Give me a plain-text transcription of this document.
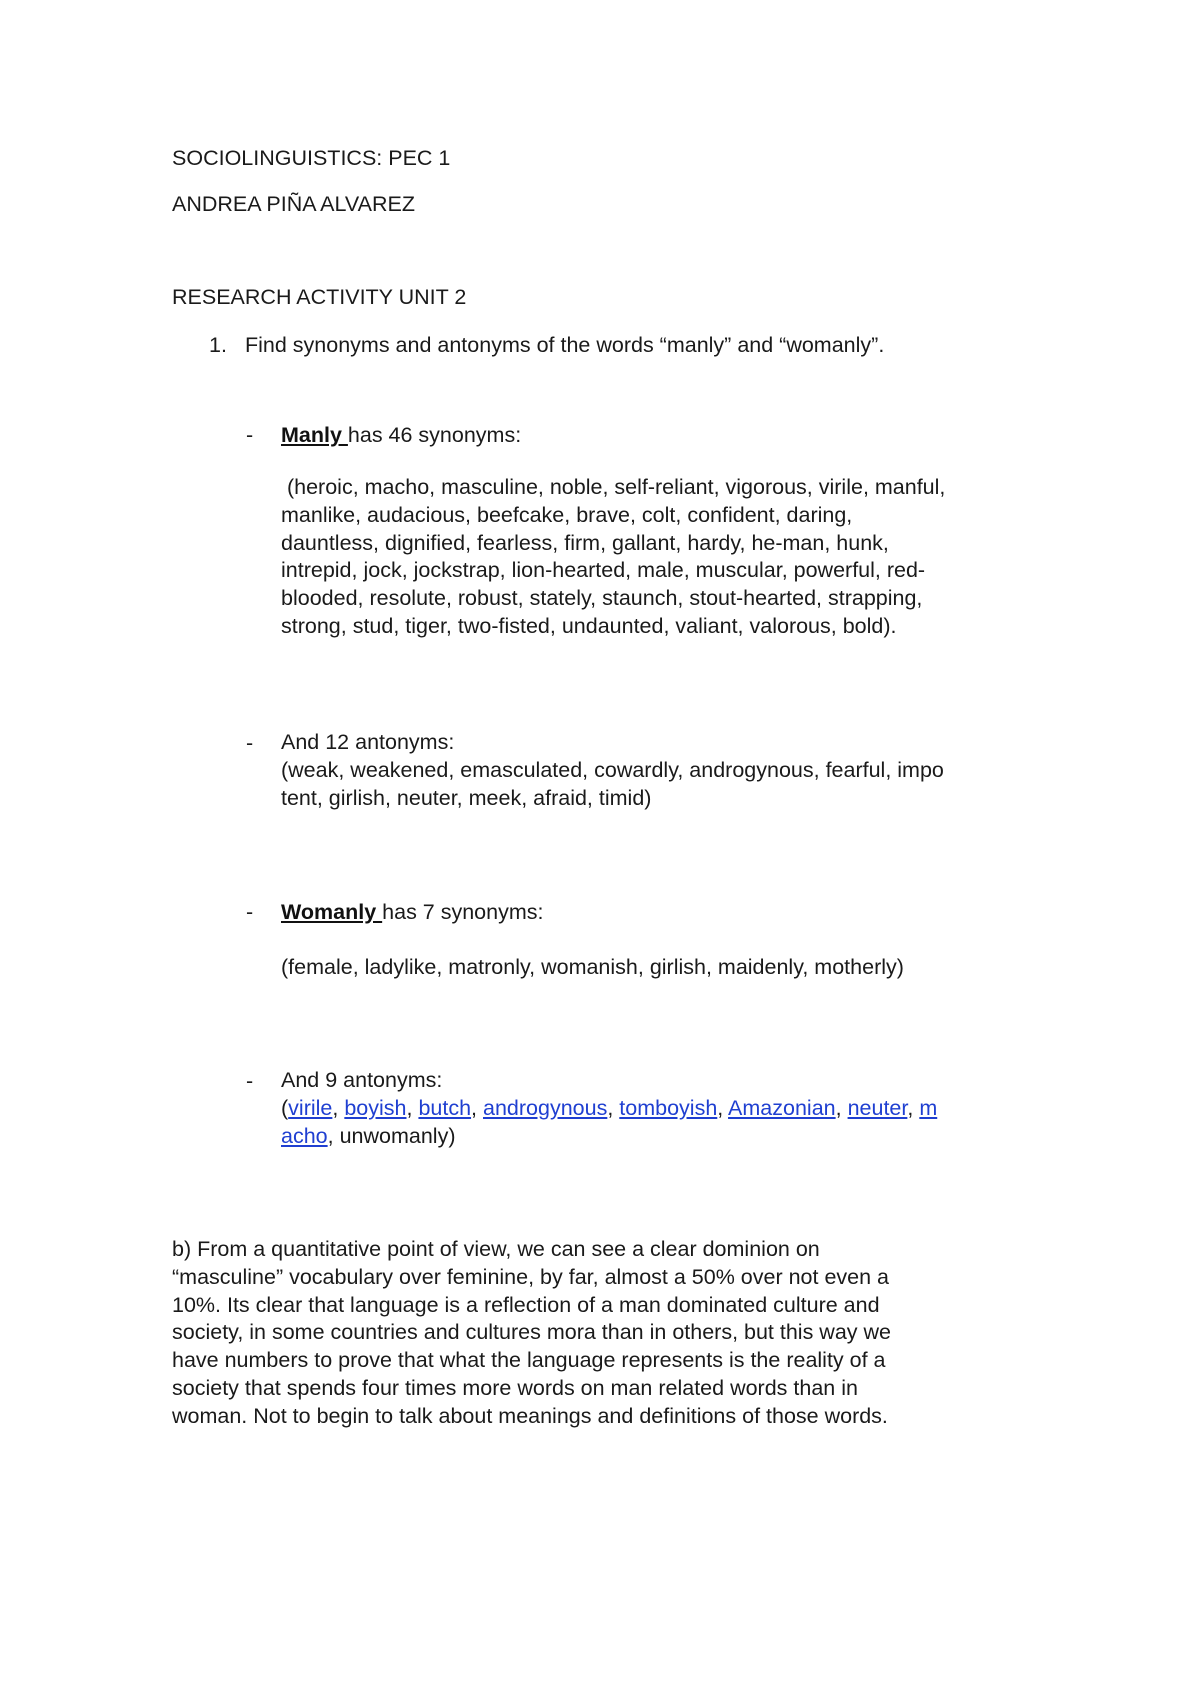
SOCIOLINGUISTICS: PEC 1
ANDREA PIÑA ALVAREZ
RESEARCH ACTIVITY UNIT 2
1. Find synonyms and antonyms of the words “manly” and “womanly”.
- Manly has 46 synonyms:
(heroic, macho, masculine, noble, self-reliant, vigorous, virile, manful,
manlike, audacious, beefcake, brave, colt, confident, daring,
dauntless, dignified, fearless, firm, gallant, hardy, he-man, hunk,
intrepid, jock, jockstrap, lion-hearted, male, muscular, powerful, red-
blooded, resolute, robust, stately, staunch, stout-hearted, strapping,
strong, stud, tiger, two-fisted, undaunted, valiant, valorous, bold).
- And 12 antonyms:
(weak, weakened, emasculated, cowardly, androgynous, fearful, impo
tent, girlish, neuter, meek, afraid, timid)
- Womanly has 7 synonyms:
(female, ladylike, matronly, womanish, girlish, maidenly, motherly)
- And 9 antonyms:
(virile, boyish, butch, androgynous, tomboyish, Amazonian, neuter, m
acho, unwomanly)
b) From a quantitative point of view, we can see a clear dominion on
“masculine” vocabulary over feminine, by far, almost a 50% over not even a
10%. Its clear that language is a reflection of a man dominated culture and
society, in some countries and cultures mora than in others, but this way we
have numbers to prove that what the language represents is the reality of a
society that spends four times more words on man related words than in
woman. Not to begin to talk about meanings and definitions of those words.
